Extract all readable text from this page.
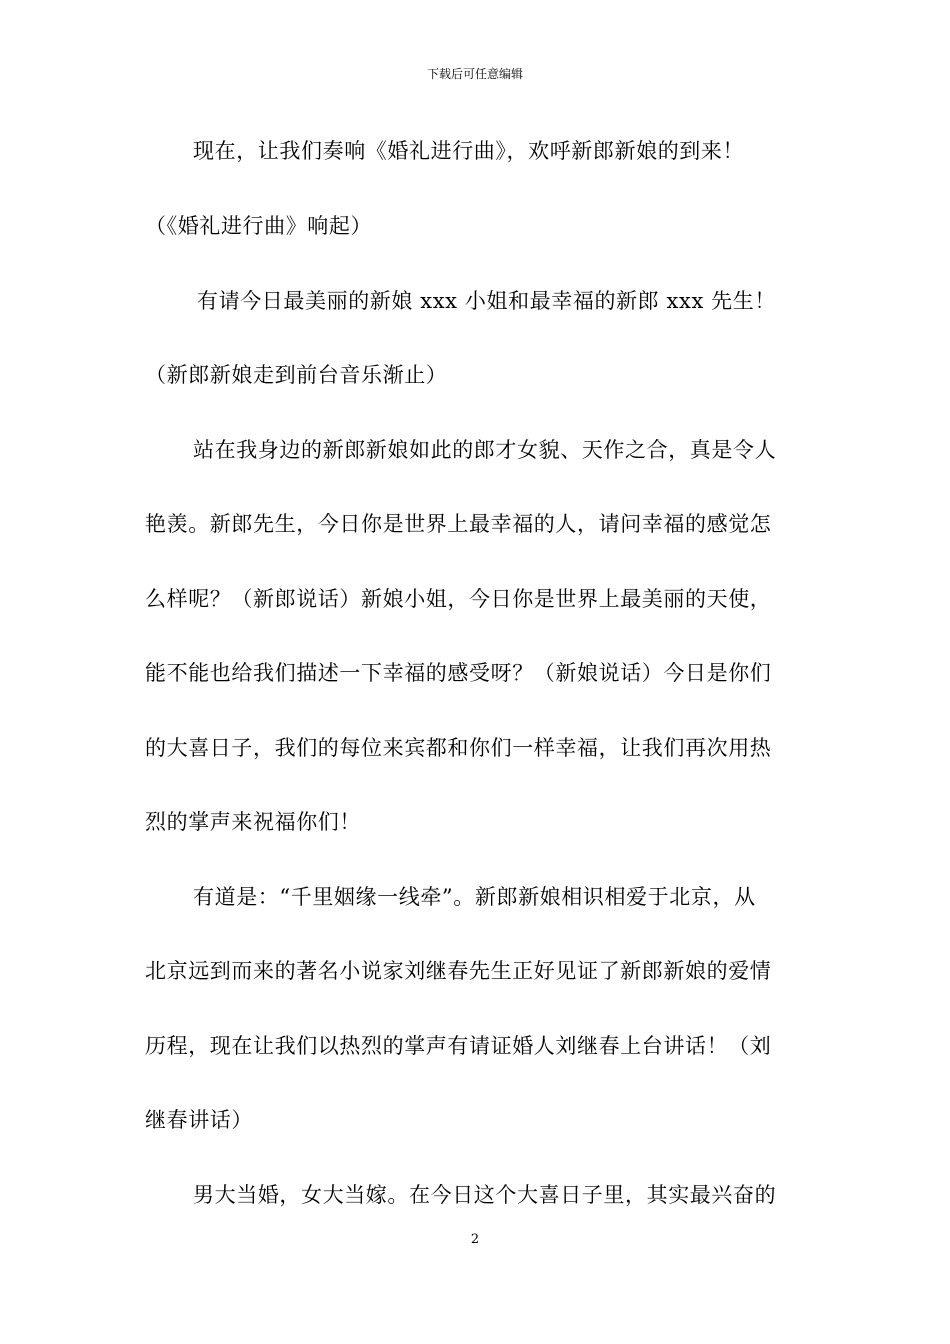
下载后可任意编辑
现在，让我们奏响《婚礼进行曲》，欢呼新郎新娘的到来！
（《婚礼进行曲》响起）
有请今日最美丽的新娘 xxx 小姐和最幸福的新郎 xxx 先生！
（新郎新娘走到前台音乐渐止）
站在我身边的新郎新娘如此的郎才女貌、天作之合，真是令人
艳羡。新郎先生，今日你是世界上最幸福的人，请问幸福的感觉怎
么样呢？（新郎说话）新娘小姐，今日你是世界上最美丽的天使，
能不能也给我们描述一下幸福的感受呀？（新娘说话）今日是你们
的大喜日子，我们的每位来宾都和你们一样幸福，让我们再次用热
烈的掌声来祝福你们！
有道是：“千里姻缘一线牵”。新郎新娘相识相爱于北京，从
北京远到而来的著名小说家刘继春先生正好见证了新郎新娘的爱情
历程，现在让我们以热烈的掌声有请证婚人刘继春上台讲话！（刘
继春讲话）
男大当婚，女大当嫁。在今日这个大喜日子里，其实最兴奋的
2
